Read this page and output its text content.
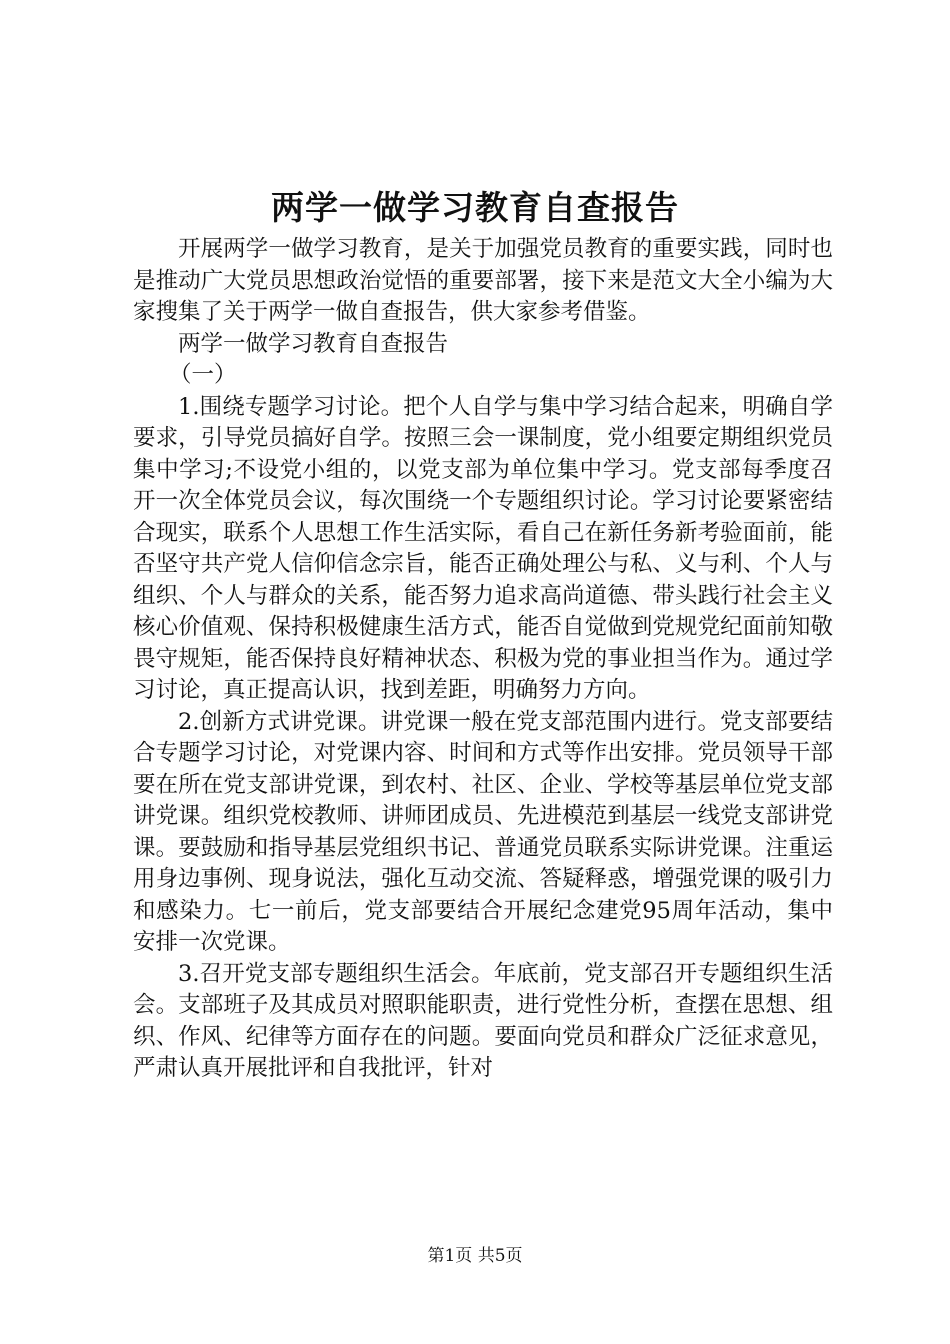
两学一做学习教育自查报告

开展两学一做学习教育，是关于加强党员教育的重要实践，同时也是推动广大党员思想政治觉悟的重要部署，接下来是范文大全小编为大家搜集了关于两学一做自查报告，供大家参考借鉴。

两学一做学习教育自查报告

（一）

1.围绕专题学习讨论。把个人自学与集中学习结合起来，明确自学要求，引导党员搞好自学。按照三会一课制度，党小组要定期组织党员集中学习;不设党小组的，以党支部为单位集中学习。党支部每季度召开一次全体党员会议，每次围绕一个专题组织讨论。学习讨论要紧密结合现实，联系个人思想工作生活实际，看自己在新任务新考验面前，能否坚守共产党人信仰信念宗旨，能否正确处理公与私、义与利、个人与组织、个人与群众的关系，能否努力追求高尚道德、带头践行社会主义核心价值观、保持积极健康生活方式，能否自觉做到党规党纪面前知敬畏守规矩，能否保持良好精神状态、积极为党的事业担当作为。通过学习讨论，真正提高认识，找到差距，明确努力方向。

2.创新方式讲党课。讲党课一般在党支部范围内进行。党支部要结合专题学习讨论，对党课内容、时间和方式等作出安排。党员领导干部要在所在党支部讲党课，到农村、社区、企业、学校等基层单位党支部讲党课。组织党校教师、讲师团成员、先进模范到基层一线党支部讲党课。要鼓励和指导基层党组织书记、普通党员联系实际讲党课。注重运用身边事例、现身说法，强化互动交流、答疑释惑，增强党课的吸引力和感染力。七一前后，党支部要结合开展纪念建党95周年活动，集中安排一次党课。

3.召开党支部专题组织生活会。年底前，党支部召开专题组织生活会。支部班子及其成员对照职能职责，进行党性分析，查摆在思想、组织、作风、纪律等方面存在的问题。要面向党员和群众广泛征求意见，严肃认真开展批评和自我批评，针对

第1页 共5页
